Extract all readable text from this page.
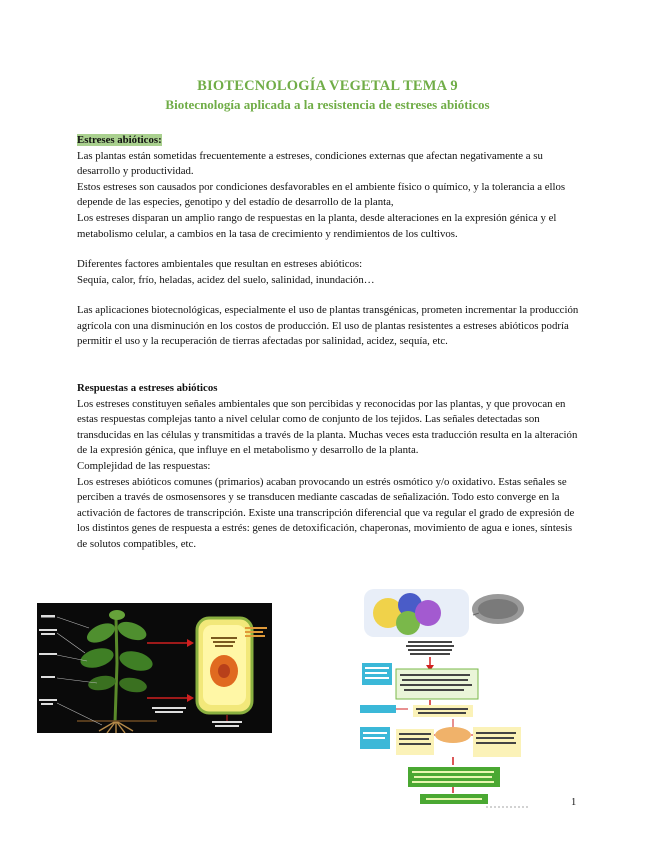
BIOTECNOLOGÍA VEGETAL TEMA 9
Biotecnología aplicada a la resistencia de estreses abióticos

Estreses abióticos:

Las plantas están sometidas frecuentemente a estreses, condiciones externas que afectan negativamente a su desarrollo y productividad.

Estos estreses son causados por condiciones desfavorables en el ambiente físico o químico, y la tolerancia a ellos depende de las especies, genotipo y del estadío de desarrollo de la planta,

Los estreses disparan un amplio rango de respuestas en la planta, desde alteraciones en la expresión génica y el metabolismo celular, a cambios en la tasa de crecimiento y rendimientos de los cultivos.

Diferentes factores ambientales que resultan en estreses abióticos:

Sequía, calor, frío, heladas, acidez del suelo, salinidad, inundación…

Las aplicaciones biotecnológicas, especialmente el uso de plantas transgénicas, prometen incrementar la producción agrícola con una disminución en los costos de producción. El uso de plantas resistentes a estreses abióticos podría permitir el uso y la recuperación de tierras afectadas por salinidad, acidez, sequía, etc.

Respuestas a estreses abióticos

Los estreses constituyen señales ambientales que son percibidas y reconocidas por las plantas, y que provocan en estas respuestas complejas tanto a nivel celular como de conjunto de los tejidos. Las señales detectadas son transducidas en las células y transmitidas a través de la planta. Muchas veces esta traducción resulta en la alteración de la expresión génica, que influye en el metabolismo y desarrollo de la planta.

Complejidad de las respuestas:

Los estreses abióticos comunes (primarios) acaban provocando un estrés osmótico y/o oxidativo. Estas señales se perciben a través de osmosensores y se transducen mediante cascadas de señalización. Todo esto converge en la activación de factores de transcripción. Existe una transcripción diferencial que va regular el grado de expresión de los distintos genes de respuesta a estrés: genes de detoxificación, chaperonas, movimiento de agua e iones, síntesis de solutos compatibles, etc.

1
